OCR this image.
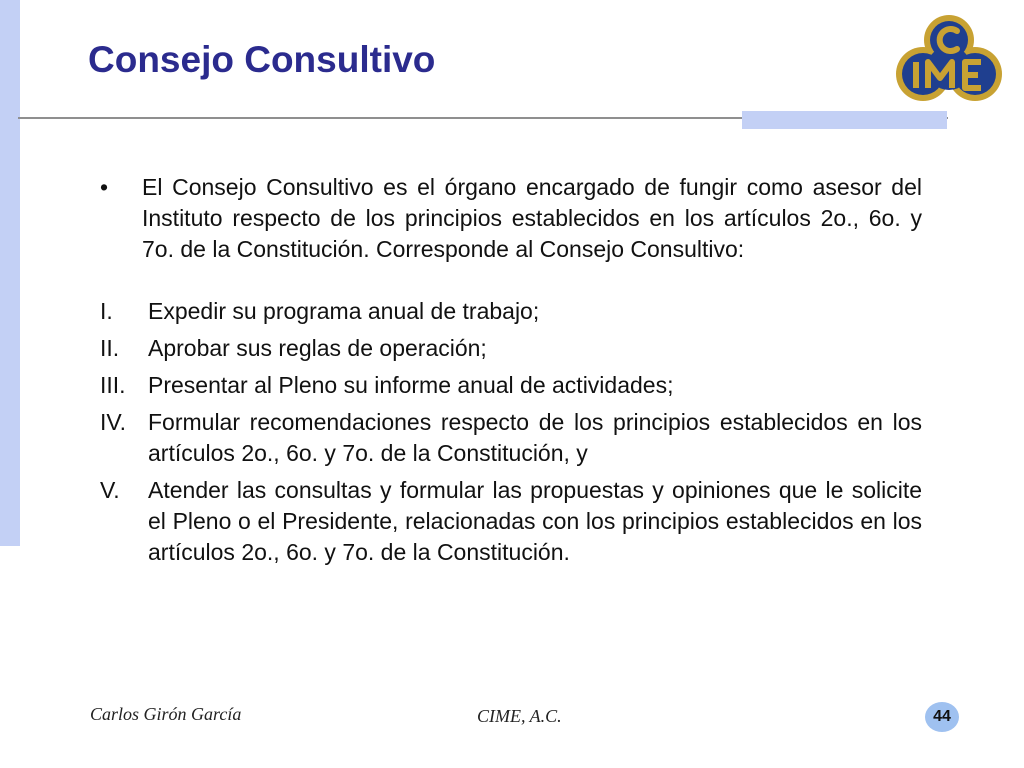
Consejo Consultivo
•	El Consejo Consultivo es el órgano encargado de fungir como asesor del Instituto respecto de los principios establecidos en los artículos 2o., 6o. y 7o. de la Constitución. Corresponde al Consejo Consultivo:
I.	Expedir su programa anual de trabajo;
II.	Aprobar sus reglas de operación;
III. Presentar al Pleno su informe anual de actividades;
IV. Formular recomendaciones respecto de los principios establecidos en los artículos 2o., 6o. y 7o. de la Constitución, y
V.	Atender las consultas y formular las propuestas y opiniones que le solicite el Pleno o el Presidente, relacionadas con los principios establecidos en los artículos 2o., 6o. y 7o. de la Constitución.
Carlos Girón García	CIME, A.C.	44
